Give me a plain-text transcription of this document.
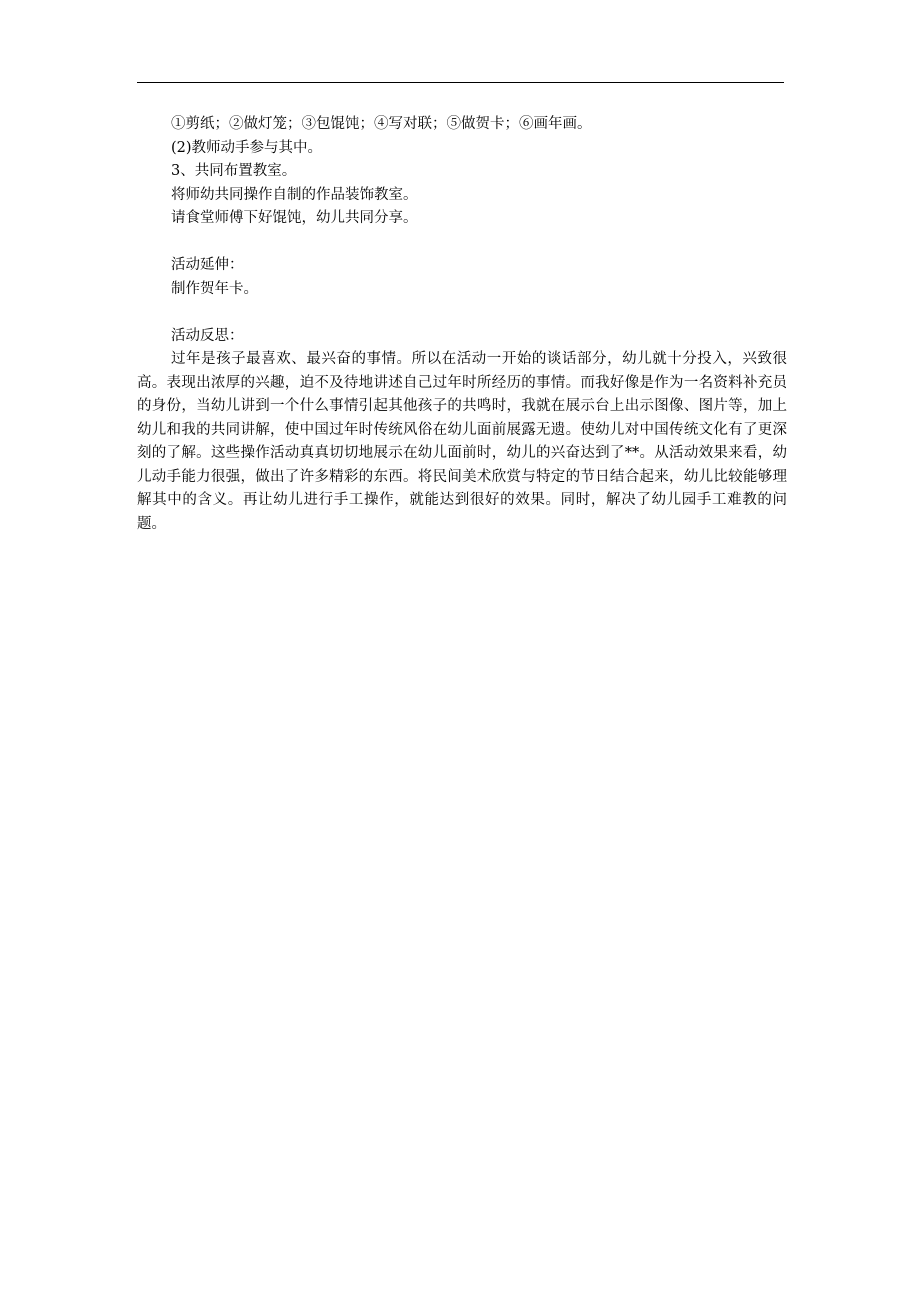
①剪纸；②做灯笼；③包馄饨；④写对联；⑤做贺卡；⑥画年画。
(2)教师动手参与其中。
3、共同布置教室。
将师幼共同操作自制的作品装饰教室。
请食堂师傅下好馄饨，幼儿共同分享。
活动延伸：
制作贺年卡。
活动反思：

过年是孩子最喜欢、最兴奋的事情。所以在活动一开始的谈话部分，幼儿就十分投入，兴致很高。表现出浓厚的兴趣，迫不及待地讲述自己过年时所经历的事情。而我好像是作为一名资料补充员的身份，当幼儿讲到一个什么事情引起其他孩子的共鸣时，我就在展示台上出示图像、图片等，加上幼儿和我的共同讲解，使中国过年时传统风俗在幼儿面前展露无遗。使幼儿对中国传统文化有了更深刻的了解。这些操作活动真真切切地展示在幼儿面前时，幼儿的兴奋达到了**。从活动效果来看，幼儿动手能力很强，做出了许多精彩的东西。将民间美术欣赏与特定的节日结合起来，幼儿比较能够理解其中的含义。再让幼儿进行手工操作，就能达到很好的效果。同时，解决了幼儿园手工难教的问题。
